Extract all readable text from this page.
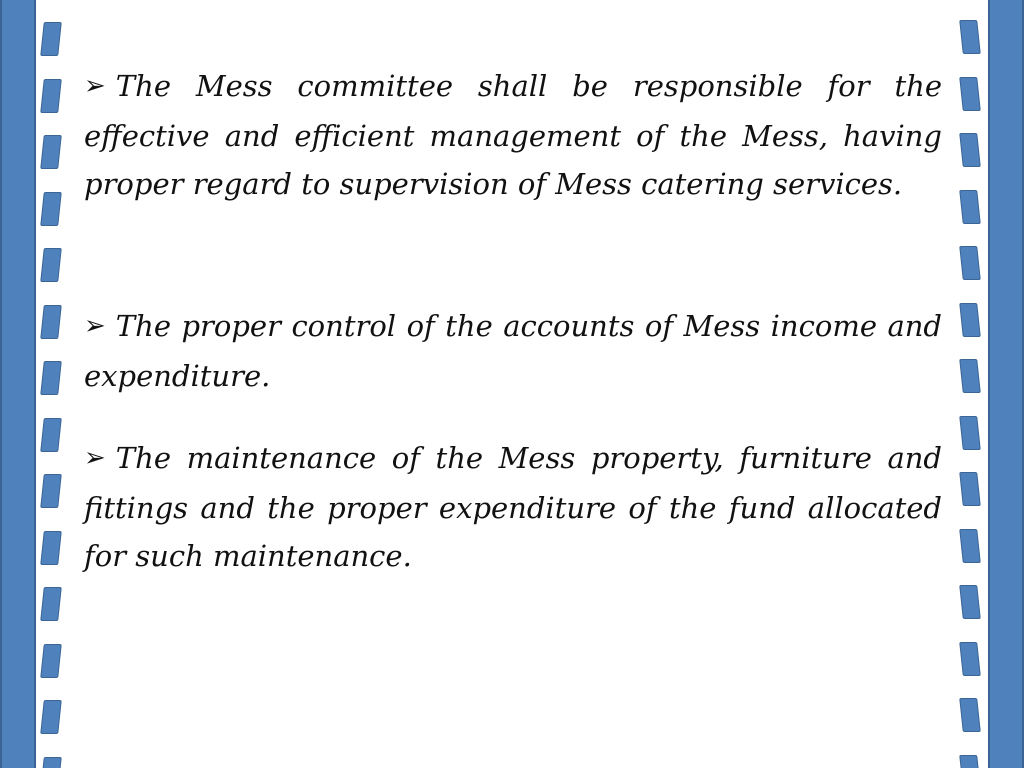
➢ The Mess committee shall be responsible for the effective and efficient management of the Mess, having proper regard to supervision of Mess catering services.

➢ The proper control of the accounts of Mess income and expenditure.

➢ The maintenance of the Mess property, furniture and fittings and the proper expenditure of the fund allocated for such maintenance.
